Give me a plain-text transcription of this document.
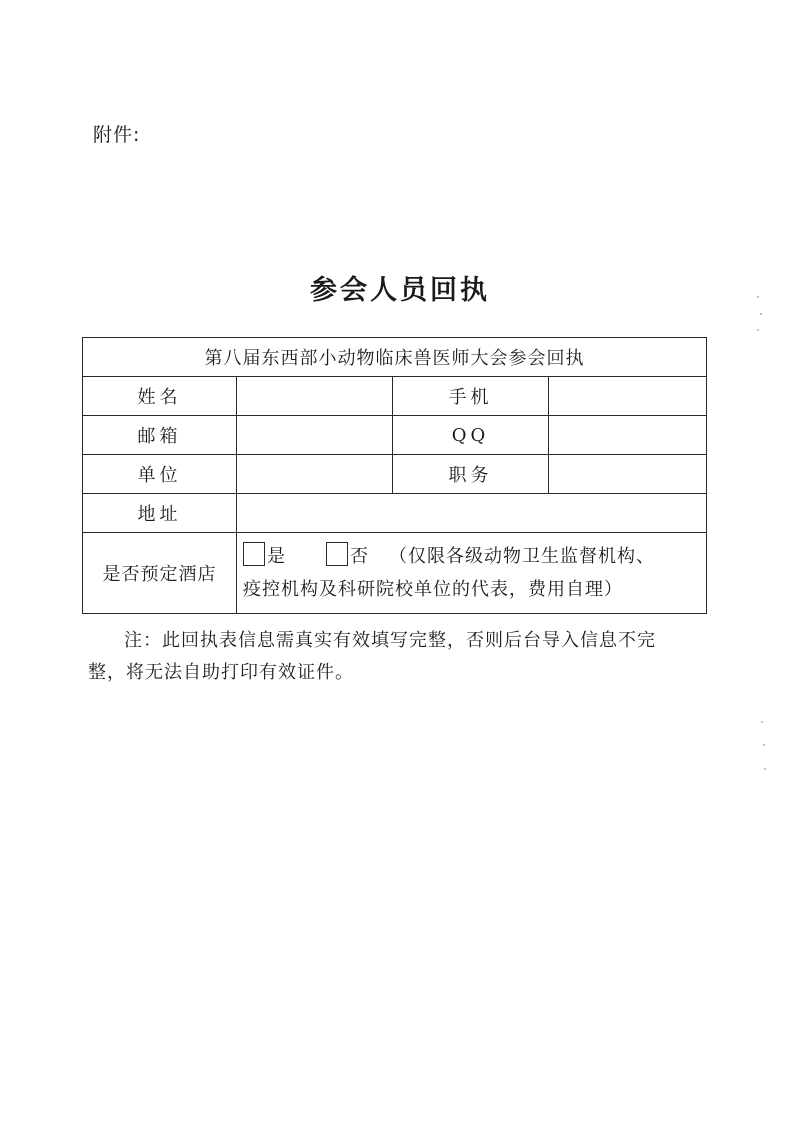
附件:
参会人员回执
第八届东西部小动物临床兽医师大会参会回执			
姓名		手机	
邮箱		QQ	
单位		职务	
地址			
是否预定酒店	是 否 （仅限各级动物卫生监督机构、
疫控机构及科研院校单位的代表，费用自理）		
注：此回执表信息需真实有效填写完整，否则后台导入信息不完整，将无法自助打印有效证件。
